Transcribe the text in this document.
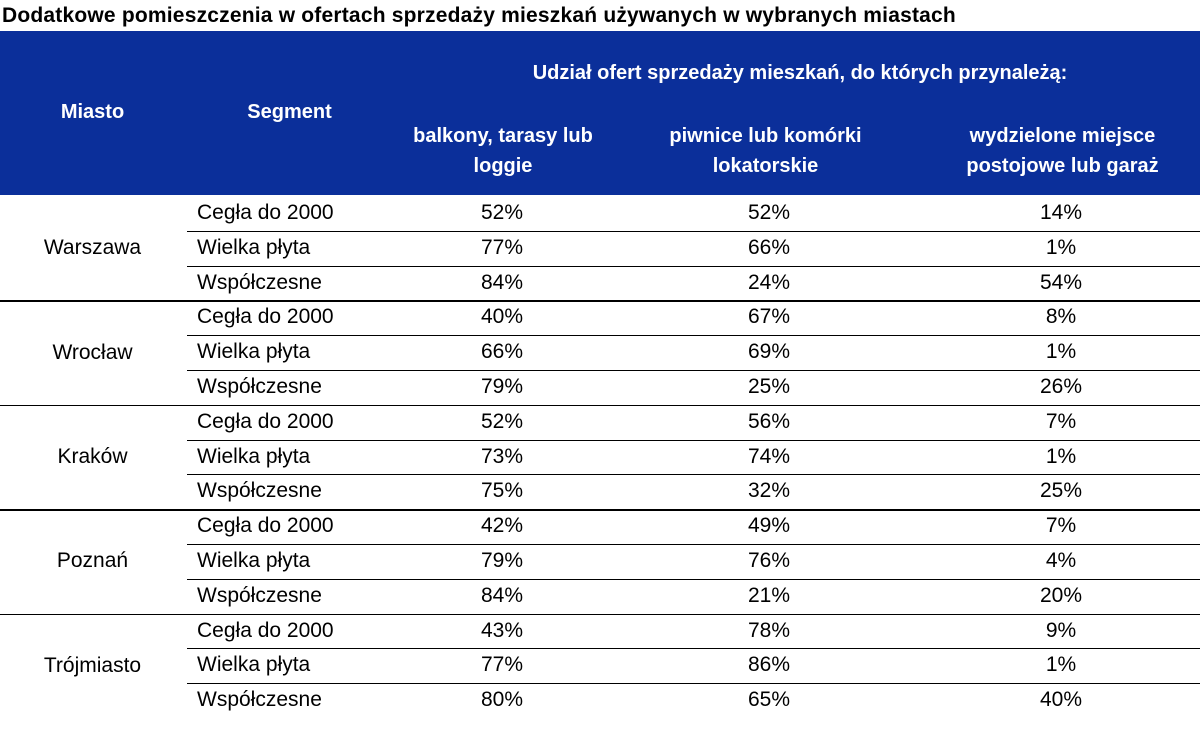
Dodatkowe pomieszczenia w ofertach sprzedaży mieszkań używanych w wybranych miastach
Miasto	Segment
Udział ofert sprzedaży mieszkań, do których przynależą:
balkony, tarasy lub loggie
piwnice lub komórki lokatorskie
wydzielone miejsce postojowe lub garaż
Warszawa
Cegła do 2000	52%	52%	14%
Wielka płyta	77%	66%	1%
Współczesne	84%	24%	54%
Wrocław
Cegła do 2000	40%	67%	8%
Wielka płyta	66%	69%	1%
Współczesne	79%	25%	26%
Kraków
Cegła do 2000	52%	56%	7%
Wielka płyta	73%	74%	1%
Współczesne	75%	32%	25%
Poznań
Cegła do 2000	42%	49%	7%
Wielka płyta	79%	76%	4%
Współczesne	84%	21%	20%
Trójmiasto
Cegła do 2000	43%	78%	9%
Wielka płyta	77%	86%	1%
Współczesne	80%	65%	40%
